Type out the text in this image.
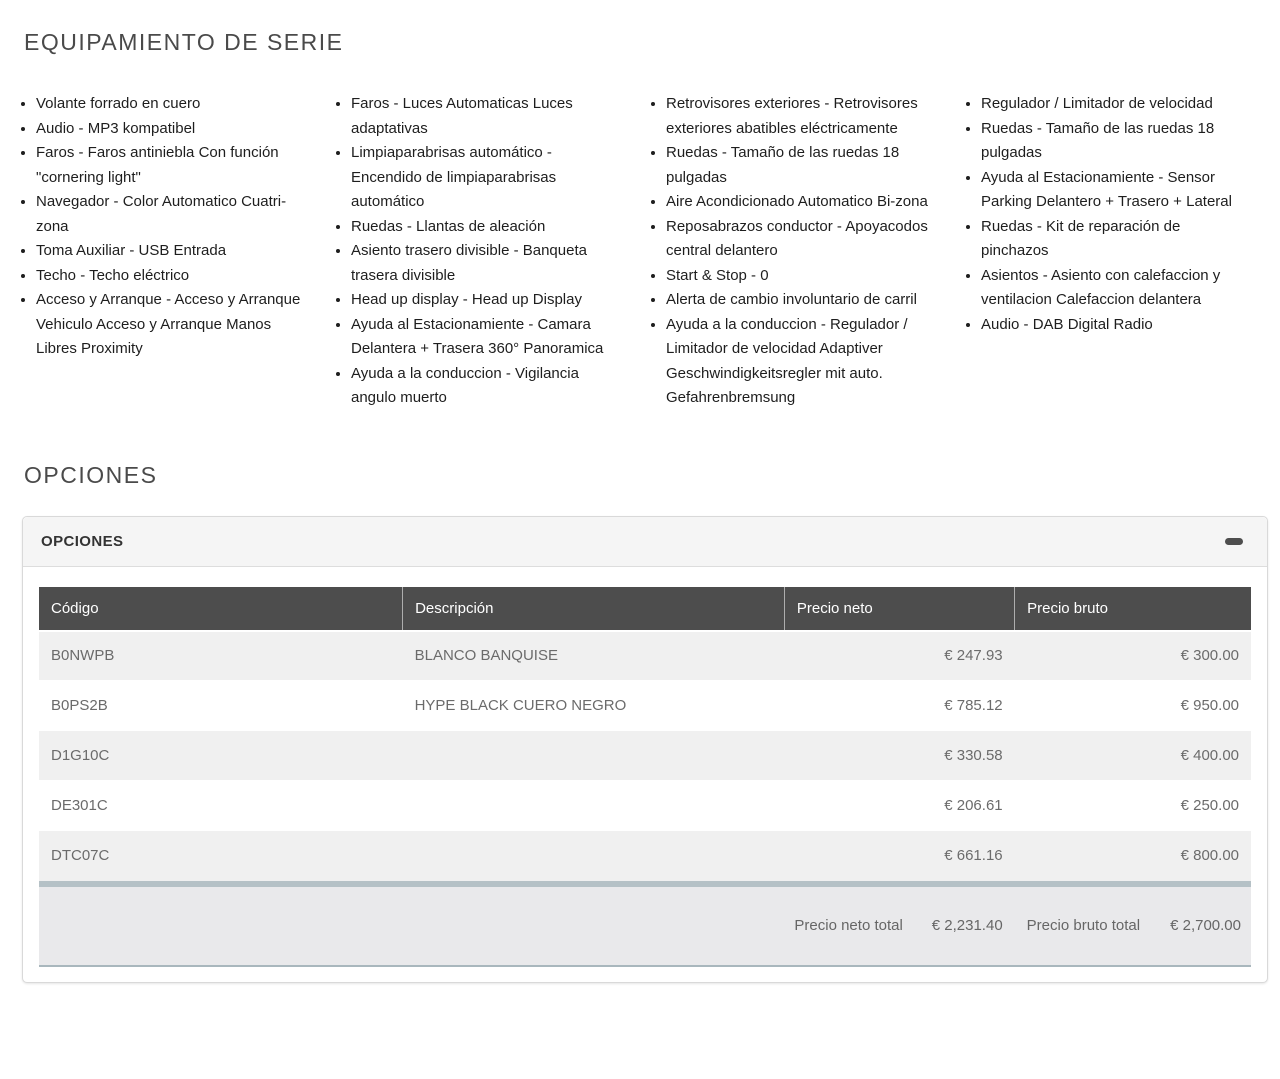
EQUIPAMIENTO DE SERIE
• Volante forrado en cuero
• Audio - MP3 kompatibel
• Faros - Faros antiniebla Con función "cornering light"
• Navegador - Color Automatico Cuatri-zona
• Toma Auxiliar - USB Entrada
• Techo - Techo eléctrico
• Acceso y Arranque - Acceso y Arranque Vehiculo Acceso y Arranque Manos Libres Proximity
• Faros - Luces Automaticas Luces adaptativas
• Limpiaparabrisas automático - Encendido de limpiaparabrisas automático
• Ruedas - Llantas de aleación
• Asiento trasero divisible - Banqueta trasera divisible
• Head up display - Head up Display
• Ayuda al Estacionamiente - Camara Delantera + Trasera 360° Panoramica
• Ayuda a la conduccion - Vigilancia angulo muerto
• Retrovisores exteriores - Retrovisores exteriores abatibles eléctricamente
• Ruedas - Tamaño de las ruedas 18 pulgadas
• Aire Acondicionado Automatico Bi-zona
• Reposabrazos conductor - Apoyacodos central delantero
• Start & Stop - 0
• Alerta de cambio involuntario de carril
• Ayuda a la conduccion - Regulador / Limitador de velocidad Adaptiver Geschwindigkeitsregler mit auto. Gefahrenbremsung
• Regulador / Limitador de velocidad
• Ruedas - Tamaño de las ruedas 18 pulgadas
• Ayuda al Estacionamiente - Sensor Parking Delantero + Trasero + Lateral
• Ruedas - Kit de reparación de pinchazos
• Asientos - Asiento con calefaccion y ventilacion Calefaccion delantera
• Audio - DAB Digital Radio
OPCIONES
OPCIONES
Código	Descripción	Precio neto	Precio bruto
B0NWPB	BLANCO BANQUISE	€ 247.93	€ 300.00
B0PS2B	HYPE BLACK CUERO NEGRO	€ 785.12	€ 950.00
D1G10C		€ 330.58	€ 400.00
DE301C		€ 206.61	€ 250.00
DTC07C		€ 661.16	€ 800.00
Precio neto total € 2,231.40 Precio bruto total € 2,700.00
